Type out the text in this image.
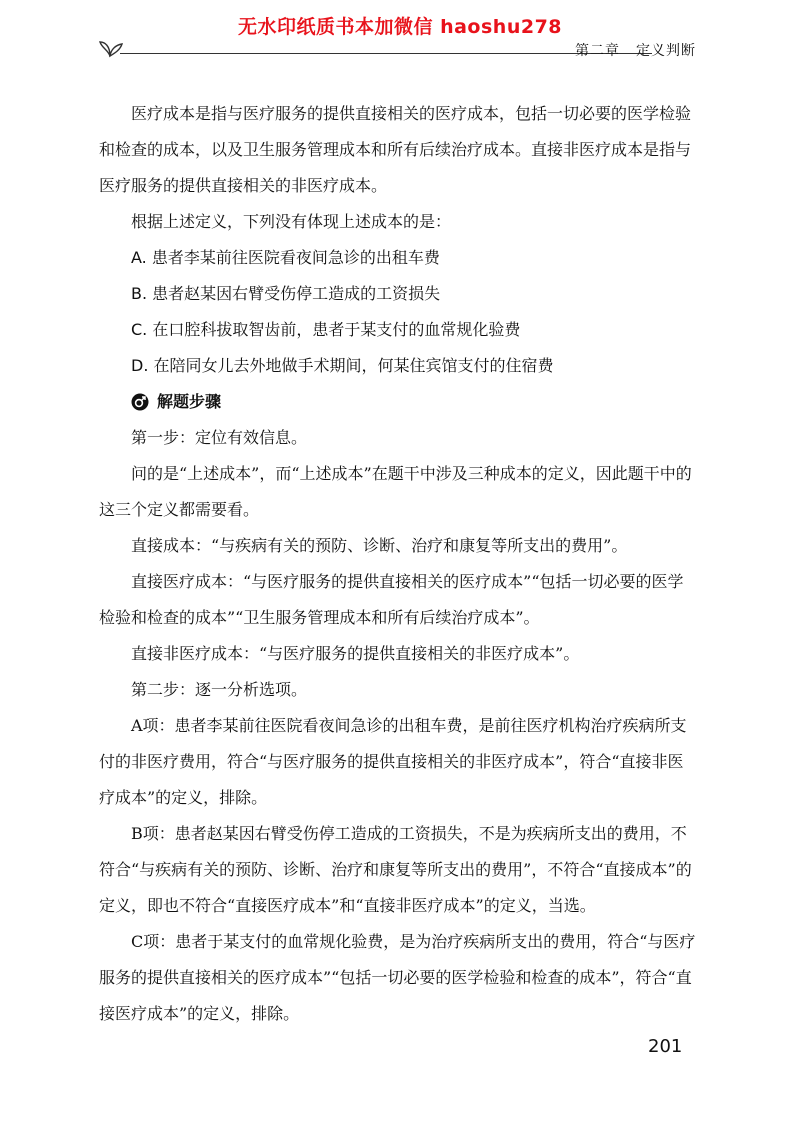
无水印纸质书本加微信 haoshu278
第二章 定义判断

医疗成本是指与医疗服务的提供直接相关的医疗成本，包括一切必要的医学检验和检查的成本，以及卫生服务管理成本和所有后续治疗成本。直接非医疗成本是指与医疗服务的提供直接相关的非医疗成本。

根据上述定义，下列没有体现上述成本的是：

A. 患者李某前往医院看夜间急诊的出租车费

B. 患者赵某因右臂受伤停工造成的工资损失

C. 在口腔科拔取智齿前，患者于某支付的血常规化验费

D. 在陪同女儿去外地做手术期间，何某住宾馆支付的住宿费

解题步骤

第一步：定位有效信息。

问的是“上述成本”，而“上述成本”在题干中涉及三种成本的定义，因此题干中的这三个定义都需要看。

直接成本：“与疾病有关的预防、诊断、治疗和康复等所支出的费用”。

直接医疗成本：“与医疗服务的提供直接相关的医疗成本”“包括一切必要的医学检验和检查的成本”“卫生服务管理成本和所有后续治疗成本”。

直接非医疗成本：“与医疗服务的提供直接相关的非医疗成本”。

第二步：逐一分析选项。

A项：患者李某前往医院看夜间急诊的出租车费，是前往医疗机构治疗疾病所支付的非医疗费用，符合“与医疗服务的提供直接相关的非医疗成本”，符合“直接非医疗成本”的定义，排除。

B项：患者赵某因右臂受伤停工造成的工资损失，不是为疾病所支出的费用，不符合“与疾病有关的预防、诊断、治疗和康复等所支出的费用”，不符合“直接成本”的定义，即也不符合“直接医疗成本”和“直接非医疗成本”的定义，当选。

C项：患者于某支付的血常规化验费，是为治疗疾病所支出的费用，符合“与医疗服务的提供直接相关的医疗成本”“包括一切必要的医学检验和检查的成本”，符合“直接医疗成本”的定义，排除。

201
